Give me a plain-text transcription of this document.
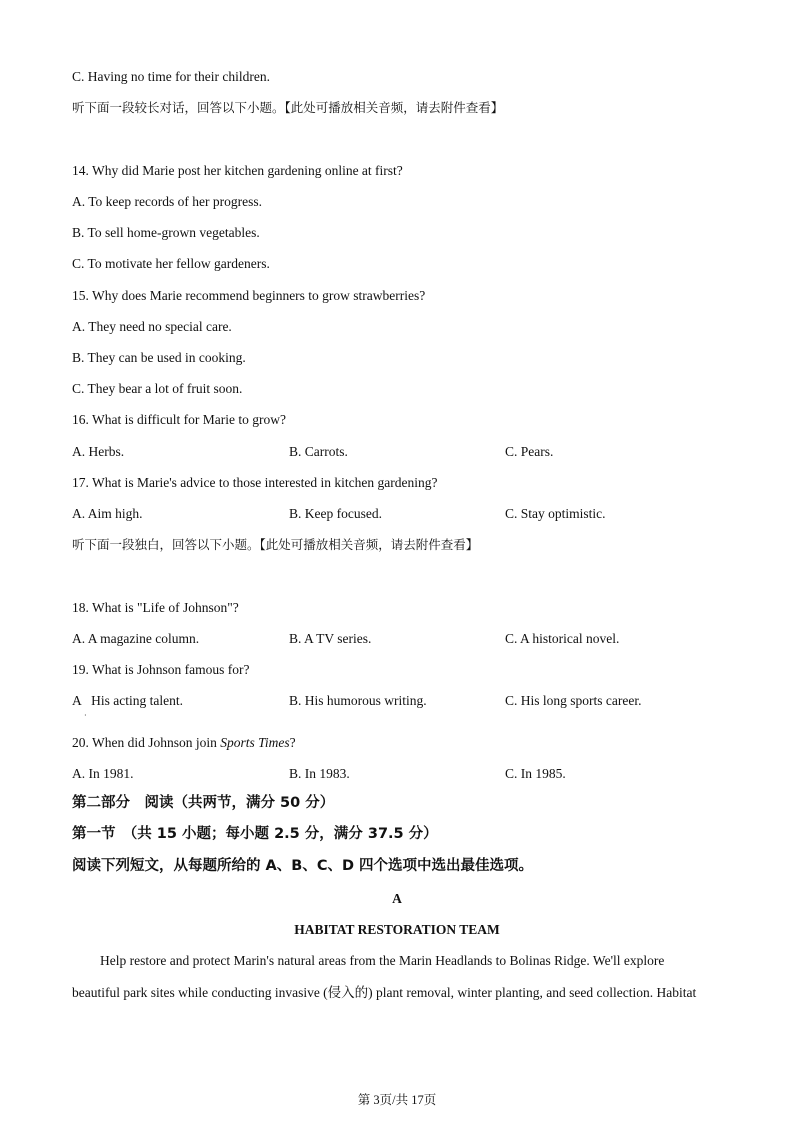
C. Having no time for their children.
听下面一段较长对话，回答以下小题。【此处可播放相关音频，请去附件查看】
14. Why did Marie post her kitchen gardening online at first?
A. To keep records of her progress.
B. To sell home-grown vegetables.
C. To motivate her fellow gardeners.
15. Why does Marie recommend beginners to grow strawberries?
A. They need no special care.
B. They can be used in cooking.
C. They bear a lot of fruit soon.
16. What is difficult for Marie to grow?
A. Herbs.	B. Carrots.	C. Pears.
17. What is Marie's advice to those interested in kitchen gardening?
A. Aim high.	B. Keep focused.	C. Stay optimistic.
听下面一段独白，回答以下小题。【此处可播放相关音频，请去附件查看】
18. What is "Life of Johnson"?
A. A magazine column.	B. A TV series.	C. A historical novel.
19. What is Johnson famous for?
A   His acting talent.	B. His humorous writing.	C. His long sports career.
·
20. When did Johnson join Sports Times?
A. In 1981.	B. In 1983.	C. In 1985.
第二部分　阅读（共两节，满分 50 分）
第一节　（共 15 小题；每小题 2.5 分，满分 37.5 分）
阅读下列短文，从每题所给的 A、B、C、D 四个选项中选出最佳选项。
A
HABITAT RESTORATION TEAM
Help restore and protect Marin's natural areas from the Marin Headlands to Bolinas Ridge. We'll explore
beautiful park sites while conducting invasive (侵入的) plant removal, winter planting, and seed collection. Habitat
第 3页/共 17页
